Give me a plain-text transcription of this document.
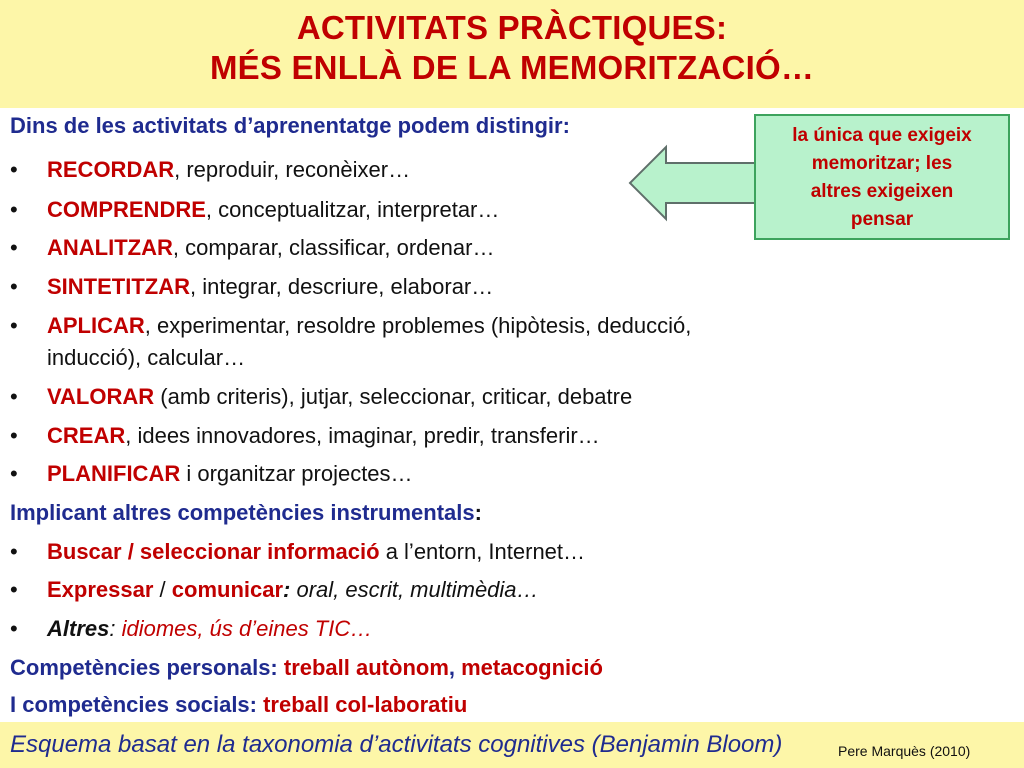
ACTIVITATS PRÀCTIQUES:
MÉS ENLLÀ DE LA MEMORITZACIÓ…
Dins de les activitats d’aprenentatge podem distingir:
•	RECORDAR, reproduir, reconèixer…
•	COMPRENDRE, conceptualitzar, interpretar…
•	ANALITZAR, comparar, classificar, ordenar…
•	SINTETITZAR, integrar, descriure, elaborar…
•	APLICAR, experimentar, resoldre problemes (hipòtesis, deducció,
inducció), calcular…
•	VALORAR (amb criteris), jutjar, seleccionar, criticar, debatre
•	CREAR, idees innovadores, imaginar, predir, transferir…
•	PLANIFICAR i organitzar projectes…
Implicant altres competències instrumentals:
•	Buscar / seleccionar informació a l’entorn, Internet…
•	Expressar / comunicar: oral, escrit, multimèdia…
•	Altres: idiomes, ús d’eines TIC…
Competències personals: treball autònom, metacognició
I competències socials: treball col-laboratiu
la única que exigeix
memoritzar; les
altres exigeixen
pensar
Esquema basat en la taxonomia d’activitats cognitives (Benjamin Bloom)	Pere Marquès (2010)
